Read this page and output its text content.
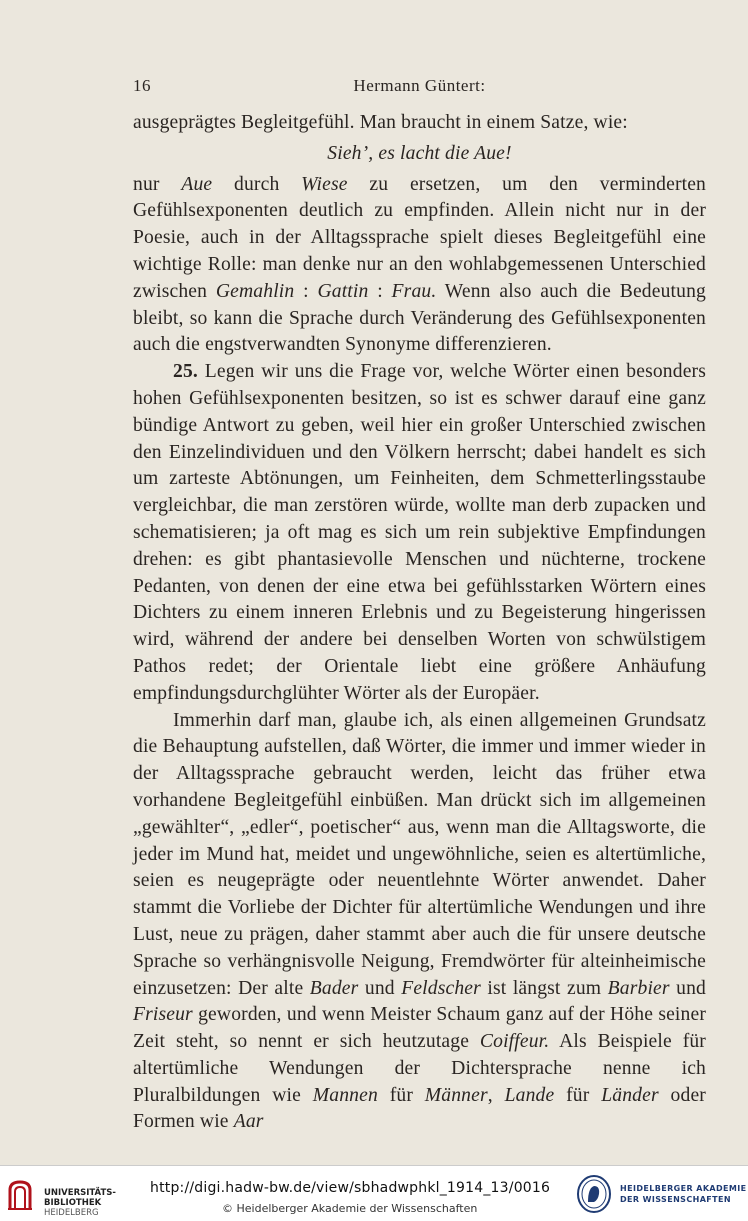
16	Hermann Güntert:

ausgeprägtes Begleitgefühl. Man braucht in einem Satze, wie:

Sieh’, es lacht die Aue!

nur Aue durch Wiese zu ersetzen, um den verminderten Gefühlsexponenten deutlich zu empfinden. Allein nicht nur in der Poesie, auch in der Alltagssprache spielt dieses Begleitgefühl eine wichtige Rolle: man denke nur an den wohlabgemessenen Unterschied zwischen Gemahlin : Gattin : Frau. Wenn also auch die Bedeutung bleibt, so kann die Sprache durch Veränderung des Gefühlsexponenten auch die engstverwandten Synonyme differenzieren.

25. Legen wir uns die Frage vor, welche Wörter einen besonders hohen Gefühlsexponenten besitzen, so ist es schwer darauf eine ganz bündige Antwort zu geben, weil hier ein großer Unterschied zwischen den Einzelindividuen und den Völkern herrscht; dabei handelt es sich um zarteste Abtönungen, um Feinheiten, dem Schmetterlingsstaube vergleichbar, die man zerstören würde, wollte man derb zupacken und schematisieren; ja oft mag es sich um rein subjektive Empfindungen drehen: es gibt phantasievolle Menschen und nüchterne, trockene Pedanten, von denen der eine etwa bei gefühlsstarken Wörtern eines Dichters zu einem inneren Erlebnis und zu Begeisterung hingerissen wird, während der andere bei denselben Worten von schwülstigem Pathos redet; der Orientale liebt eine größere Anhäufung empfindungsdurchglühter Wörter als der Europäer.

Immerhin darf man, glaube ich, als einen allgemeinen Grundsatz die Behauptung aufstellen, daß Wörter, die immer und immer wieder in der Alltagssprache gebraucht werden, leicht das früher etwa vorhandene Begleitgefühl einbüßen. Man drückt sich im allgemeinen „gewählter“, „edler“, poetischer“ aus, wenn man die Alltagsworte, die jeder im Mund hat, meidet und ungewöhnliche, seien es altertümliche, seien es neugeprägte oder neuentlehnte Wörter anwendet. Daher stammt die Vorliebe der Dichter für altertümliche Wendungen und ihre Lust, neue zu prägen, daher stammt aber auch die für unsere deutsche Sprache so verhängnisvolle Neigung, Fremdwörter für alteinheimische einzusetzen: Der alte Bader und Feldscher ist längst zum Barbier und Friseur geworden, und wenn Meister Schaum ganz auf der Höhe seiner Zeit steht, so nennt er sich heutzutage Coiffeur. Als Beispiele für altertümliche Wendungen der Dichtersprache nenne ich Pluralbildungen wie Mannen für Männer, Lande für Länder oder Formen wie Aar

UNIVERSITÄTS-
BIBLIOTHEK
HEIDELBERG
http://digi.hadw-bw.de/view/sbhadwphkl_1914_13/0016
© Heidelberger Akademie der Wissenschaften
HEIDELBERGER AKADEMIE
DER WISSENSCHAFTEN
